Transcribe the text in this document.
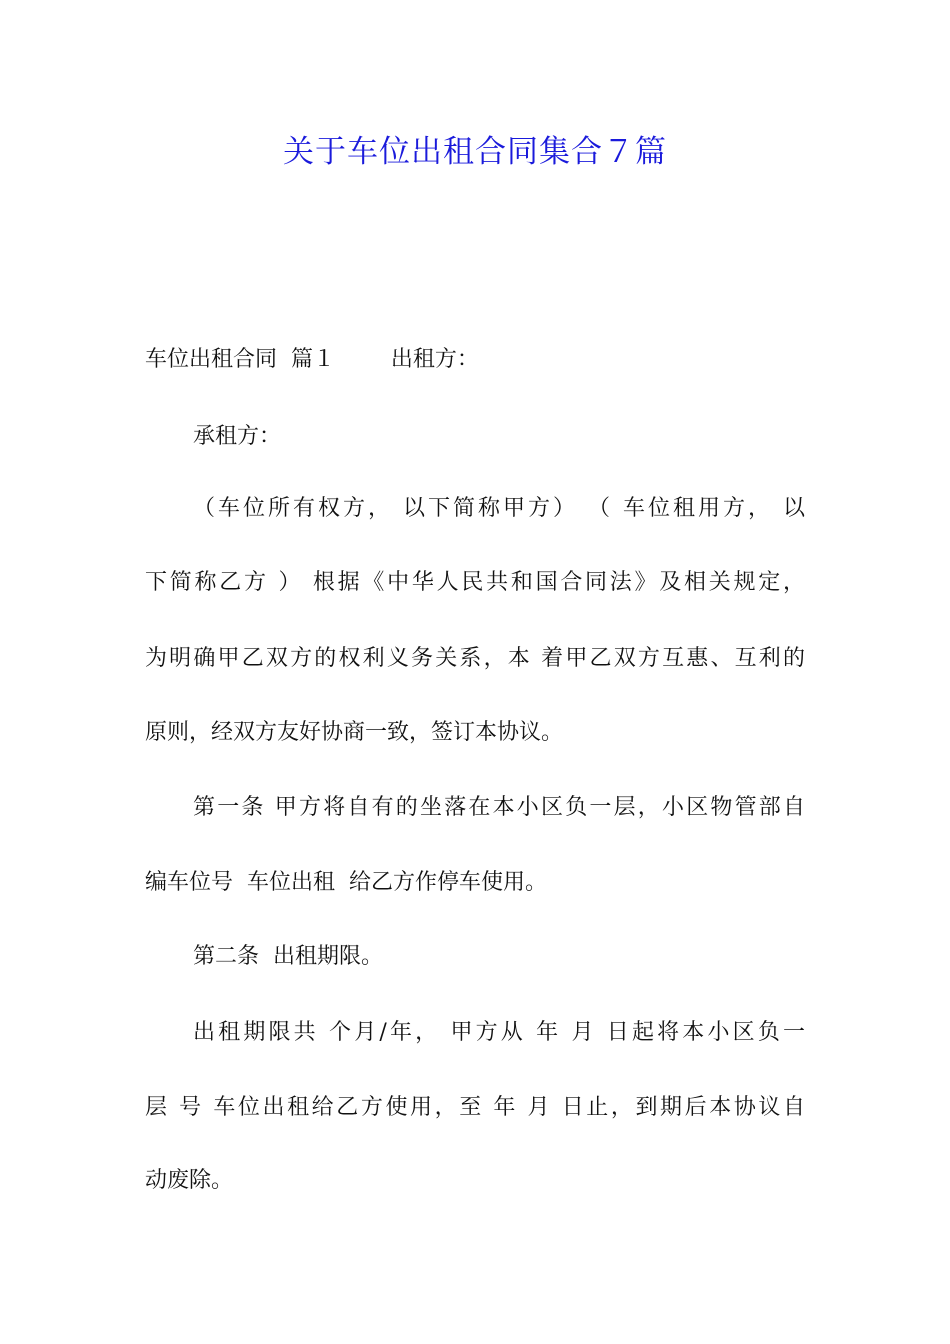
关于车位出租合同集合７篇

车位出租合同  篇１        出租方：

承租方：

（车位所有权方， 以下简称甲方） （ 车位租用方， 以

下简称乙方 ） 根据《中华人民共和国合同法》及相关规定，

为明确甲乙双方的权利义务关系，本 着甲乙双方互惠、互利的

原则，经双方友好协商一致，签订本协议。

第一条 甲方将自有的坐落在本小区负一层，小区物管部自

编车位号  车位出租  给乙方作停车使用。

第二条  出租期限。

出租期限共 个月/年， 甲方从 年 月 日起将本小区负一

层 号 车位出租给乙方使用，至 年 月 日止，到期后本协议自

动废除。
